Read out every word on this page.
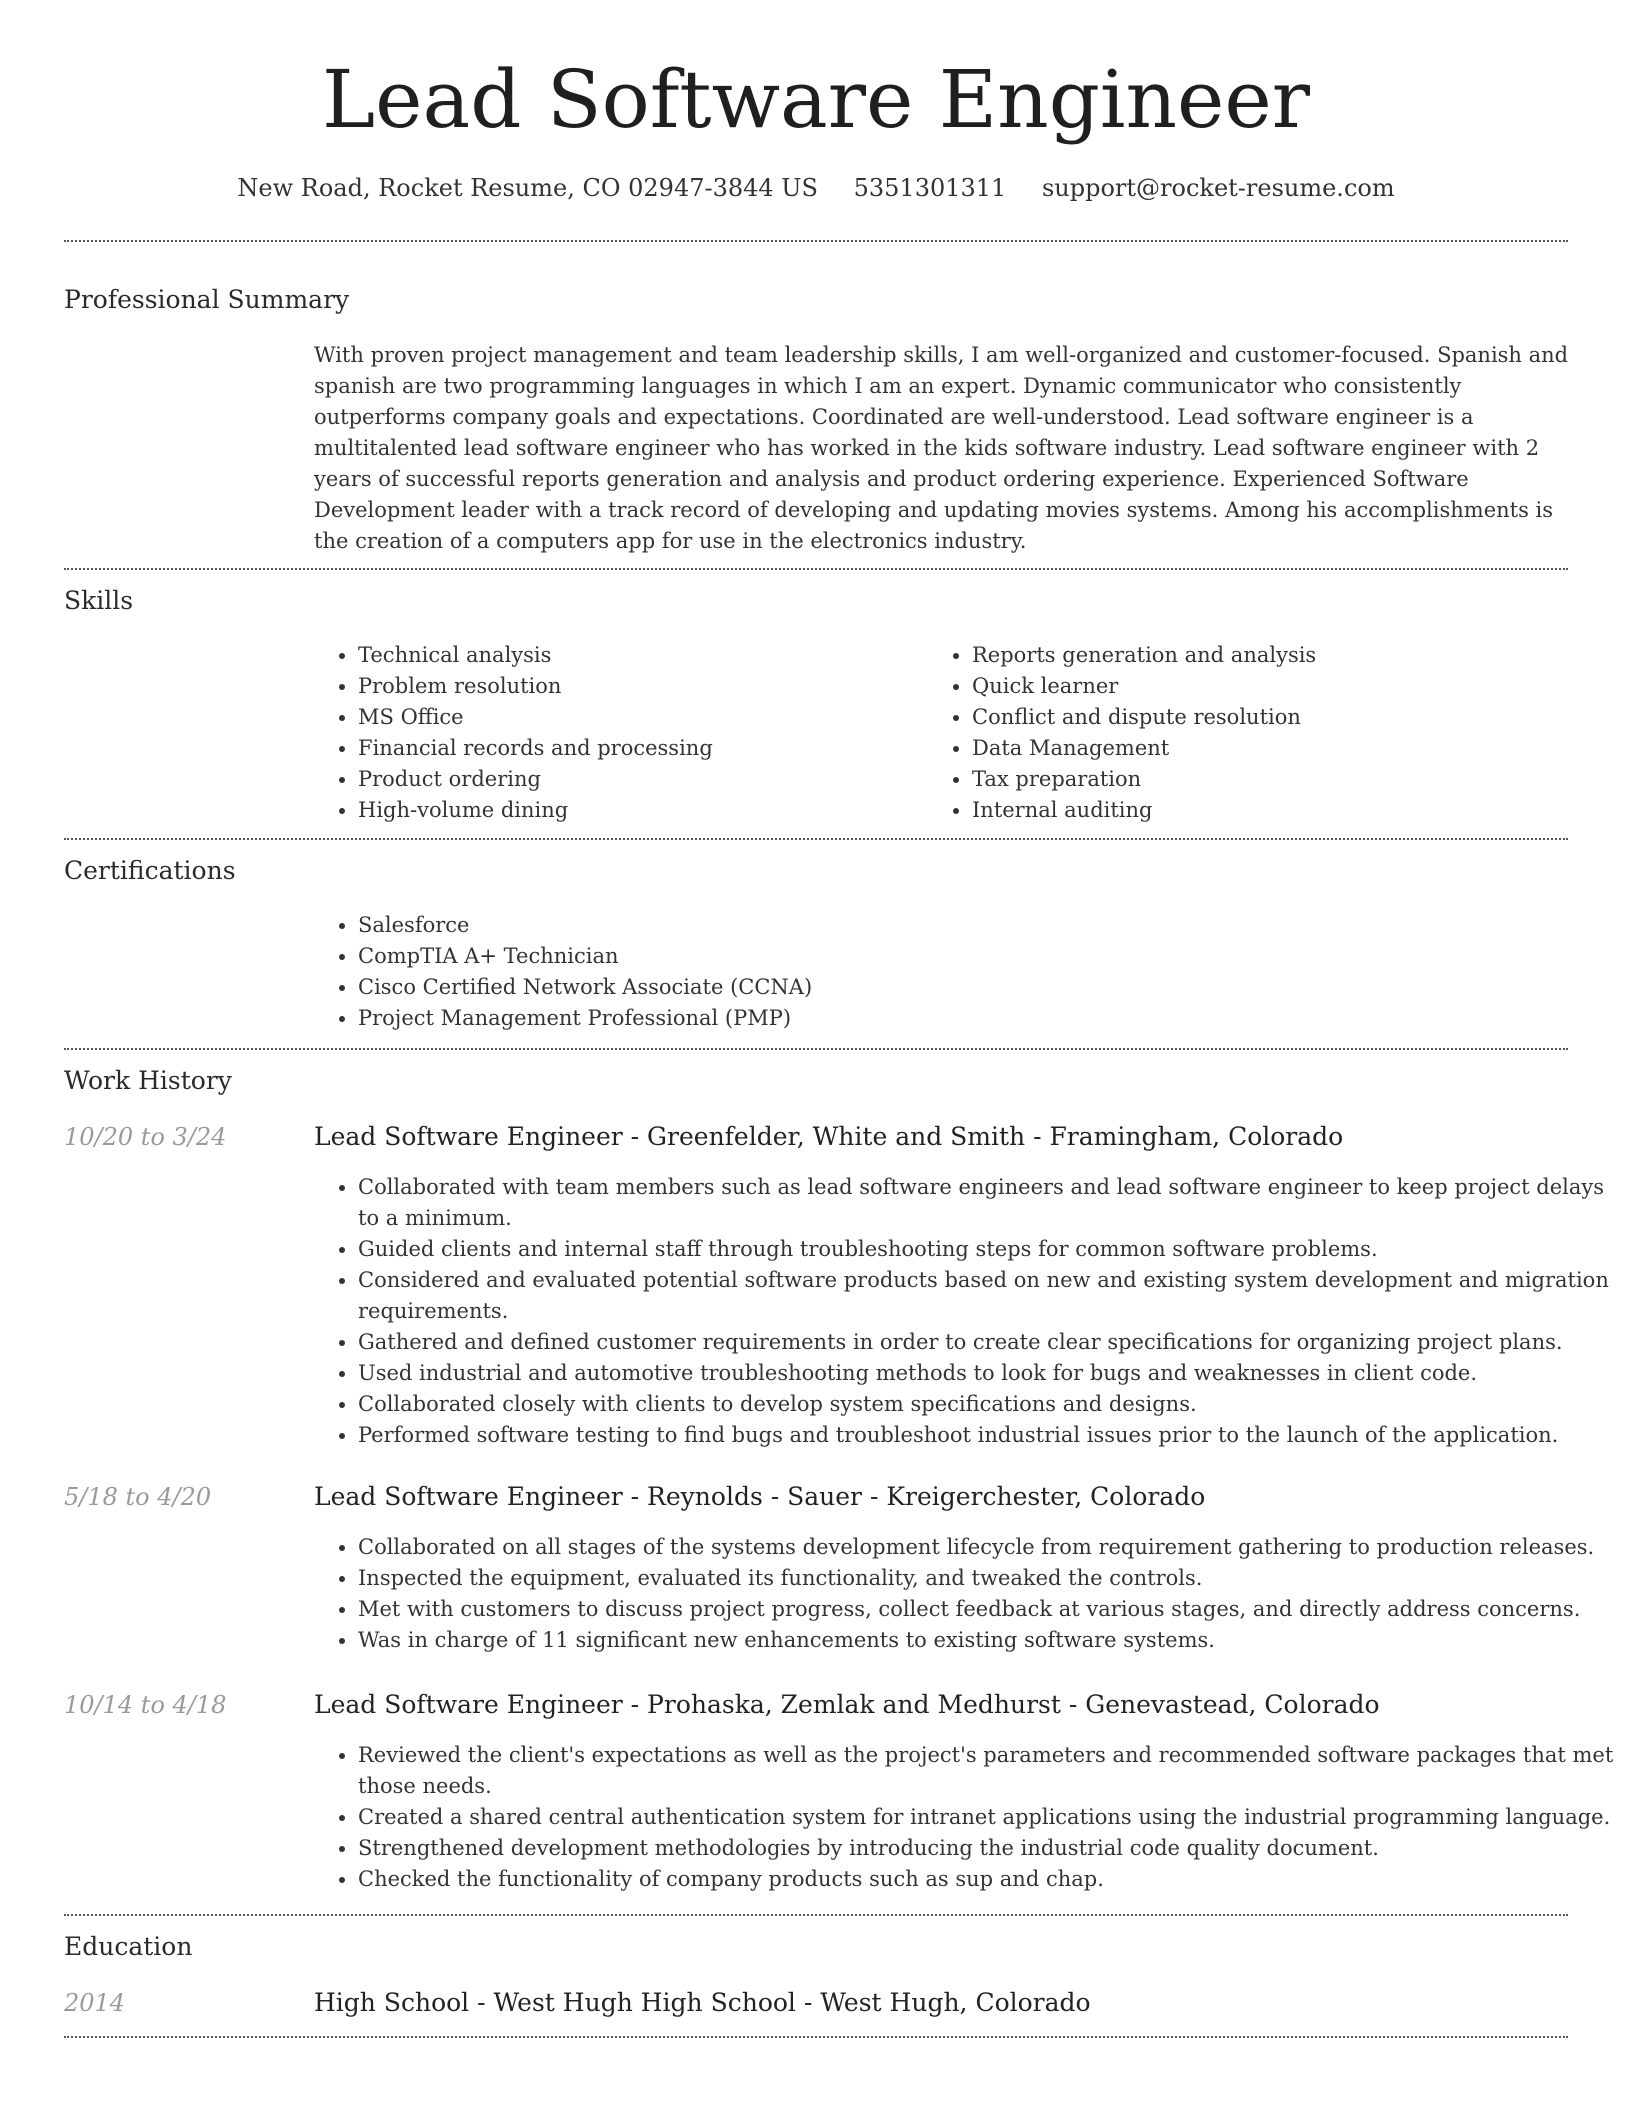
Lead Software Engineer
New Road, Rocket Resume, CO 02947-3844 US 5351301311 support@rocket-resume.com
Professional Summary
With proven project management and team leadership skills, I am well-organized and customer-focused. Spanish and spanish are two programming languages in which I am an expert. Dynamic communicator who consistently outperforms company goals and expectations. Coordinated are well-understood. Lead software engineer is a multitalented lead software engineer who has worked in the kids software industry. Lead software engineer with 2 years of successful reports generation and analysis and product ordering experience. Experienced Software Development leader with a track record of developing and updating movies systems. Among his accomplishments is the creation of a computers app for use in the electronics industry.
Skills
• Technical analysis
• Problem resolution
• MS Office
• Financial records and processing
• Product ordering
• High-volume dining
• Reports generation and analysis
• Quick learner
• Conflict and dispute resolution
• Data Management
• Tax preparation
• Internal auditing
Certifications
• Salesforce
• CompTIA A+ Technician
• Cisco Certified Network Associate (CCNA)
• Project Management Professional (PMP)
Work History
10/20 to 3/24	Lead Software Engineer - Greenfelder, White and Smith - Framingham, Colorado
• Collaborated with team members such as lead software engineers and lead software engineer to keep project delays to a minimum.
• Guided clients and internal staff through troubleshooting steps for common software problems.
• Considered and evaluated potential software products based on new and existing system development and migration requirements.
• Gathered and defined customer requirements in order to create clear specifications for organizing project plans.
• Used industrial and automotive troubleshooting methods to look for bugs and weaknesses in client code.
• Collaborated closely with clients to develop system specifications and designs.
• Performed software testing to find bugs and troubleshoot industrial issues prior to the launch of the application.
5/18 to 4/20	Lead Software Engineer - Reynolds - Sauer - Kreigerchester, Colorado
• Collaborated on all stages of the systems development lifecycle from requirement gathering to production releases.
• Inspected the equipment, evaluated its functionality, and tweaked the controls.
• Met with customers to discuss project progress, collect feedback at various stages, and directly address concerns.
• Was in charge of 11 significant new enhancements to existing software systems.
10/14 to 4/18	Lead Software Engineer - Prohaska, Zemlak and Medhurst - Genevastead, Colorado
• Reviewed the client's expectations as well as the project's parameters and recommended software packages that met those needs.
• Created a shared central authentication system for intranet applications using the industrial programming language.
• Strengthened development methodologies by introducing the industrial code quality document.
• Checked the functionality of company products such as sup and chap.
Education
2014	High School - West Hugh High School - West Hugh, Colorado
